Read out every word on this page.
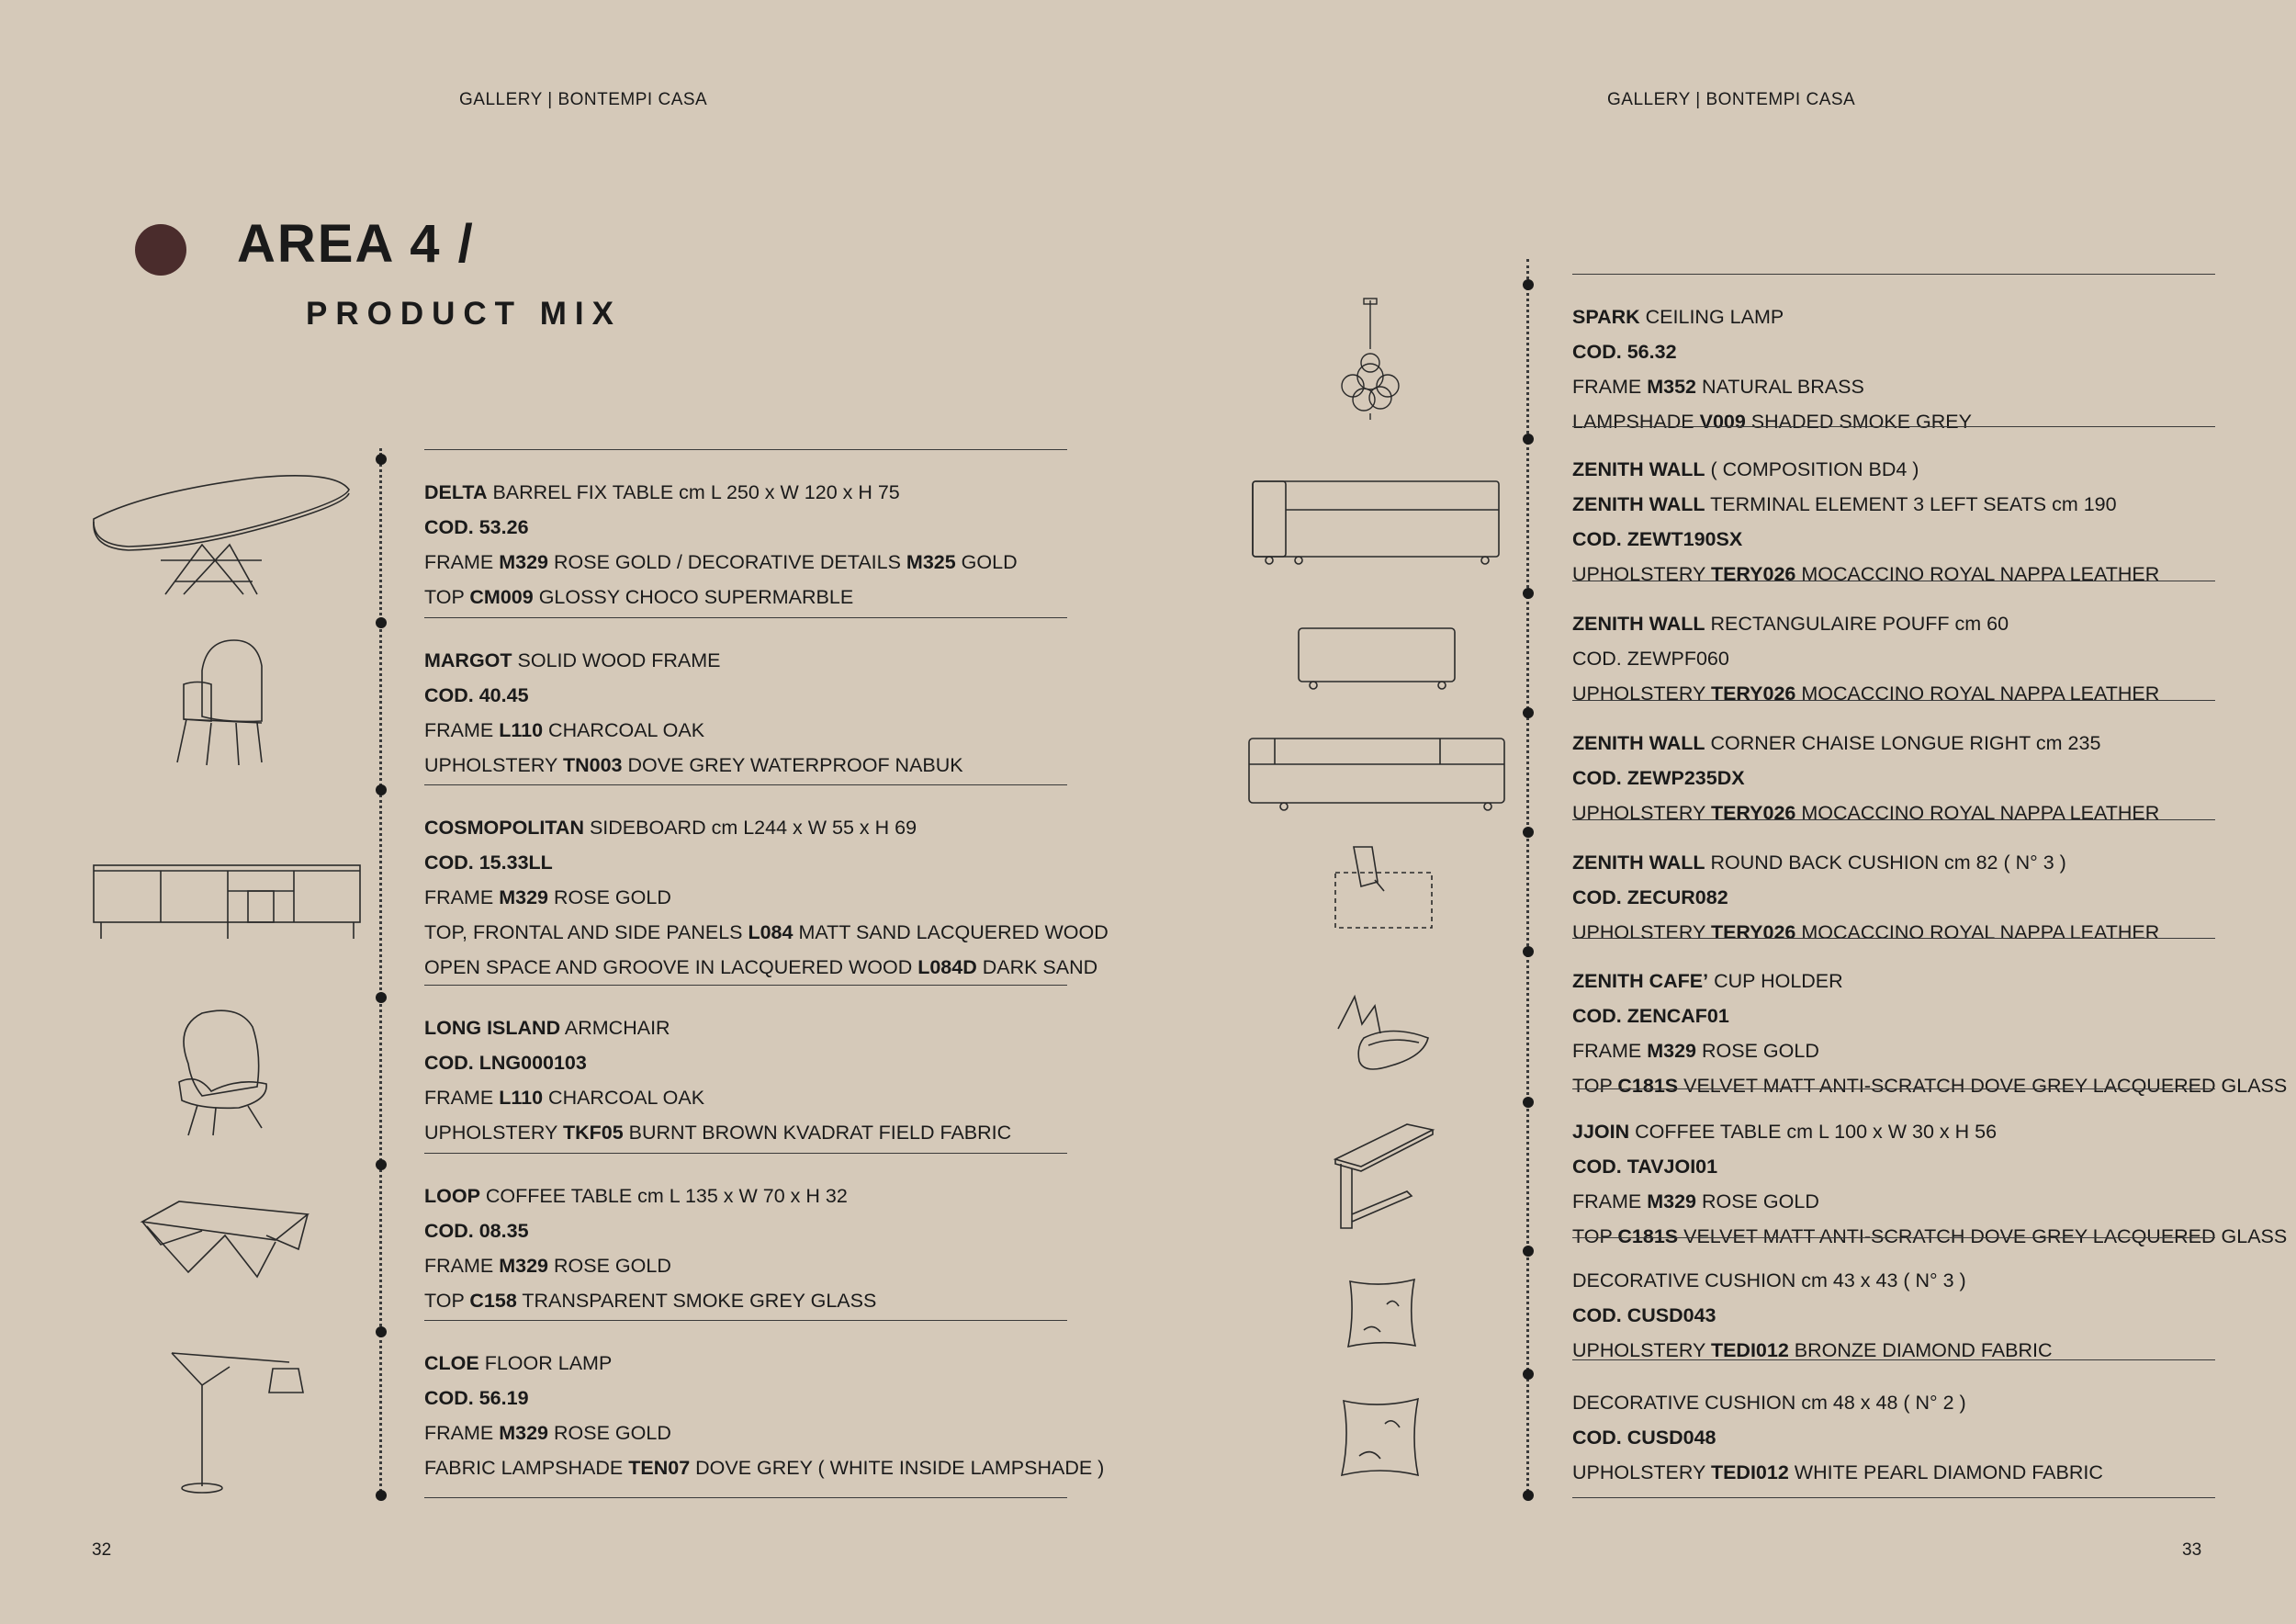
GALLERY | BONTEMPI CASA	GALLERY | BONTEMPI CASA
AREA 4 /
PRODUCT MIX
32	33
DELTA BARREL FIX TABLE cm L 250 x W 120 x H 75
COD. 53.26
FRAME M329 ROSE GOLD / DECORATIVE DETAILS M325 GOLD
TOP CM009 GLOSSY CHOCO SUPERMARBLE
MARGOT SOLID WOOD FRAME
COD. 40.45
FRAME L110 CHARCOAL OAK
UPHOLSTERY TN003 DOVE GREY WATERPROOF NABUK
COSMOPOLITAN SIDEBOARD cm L244 x W 55 x H 69
COD. 15.33LL
FRAME M329 ROSE GOLD
TOP, FRONTAL AND SIDE PANELS L084 MATT SAND LACQUERED WOOD
OPEN SPACE AND GROOVE IN LACQUERED WOOD L084D DARK SAND
LONG ISLAND ARMCHAIR
COD. LNG000103
FRAME L110 CHARCOAL OAK
UPHOLSTERY TKF05 BURNT BROWN KVADRAT FIELD FABRIC
LOOP COFFEE TABLE cm L 135 x W 70 x H 32
COD. 08.35
FRAME M329 ROSE GOLD
TOP C158 TRANSPARENT SMOKE GREY GLASS
CLOE FLOOR LAMP
COD. 56.19
FRAME M329 ROSE GOLD
FABRIC LAMPSHADE TEN07 DOVE GREY ( WHITE INSIDE LAMPSHADE )
SPARK CEILING LAMP
COD. 56.32
FRAME M352 NATURAL BRASS
LAMPSHADE V009 SHADED SMOKE GREY
ZENITH WALL ( COMPOSITION BD4 )
ZENITH WALL TERMINAL ELEMENT 3 LEFT SEATS cm 190
COD. ZEWT190SX
UPHOLSTERY TERY026 MOCACCINO ROYAL NAPPA LEATHER
ZENITH WALL RECTANGULAIRE POUFF cm 60
COD. ZEWPF060
UPHOLSTERY TERY026 MOCACCINO ROYAL NAPPA LEATHER
ZENITH WALL CORNER CHAISE LONGUE RIGHT cm 235
COD. ZEWP235DX
UPHOLSTERY TERY026 MOCACCINO ROYAL NAPPA LEATHER
ZENITH WALL ROUND BACK CUSHION cm 82 ( N° 3 )
COD. ZECUR082
UPHOLSTERY TERY026 MOCACCINO ROYAL NAPPA LEATHER
ZENITH CAFE’ CUP HOLDER
COD. ZENCAF01
FRAME M329 ROSE GOLD
TOP C181S VELVET MATT ANTI-SCRATCH DOVE GREY LACQUERED GLASS
JJOIN COFFEE TABLE cm L 100 x W 30 x H 56
COD. TAVJOI01
FRAME M329 ROSE GOLD
TOP C181S VELVET MATT ANTI-SCRATCH DOVE GREY LACQUERED GLASS
DECORATIVE CUSHION cm 43 x 43 ( N° 3 )
COD. CUSD043
UPHOLSTERY TEDI012 BRONZE DIAMOND FABRIC
DECORATIVE CUSHION cm 48 x 48 ( N° 2 )
COD. CUSD048
UPHOLSTERY TEDI012 WHITE PEARL DIAMOND FABRIC
